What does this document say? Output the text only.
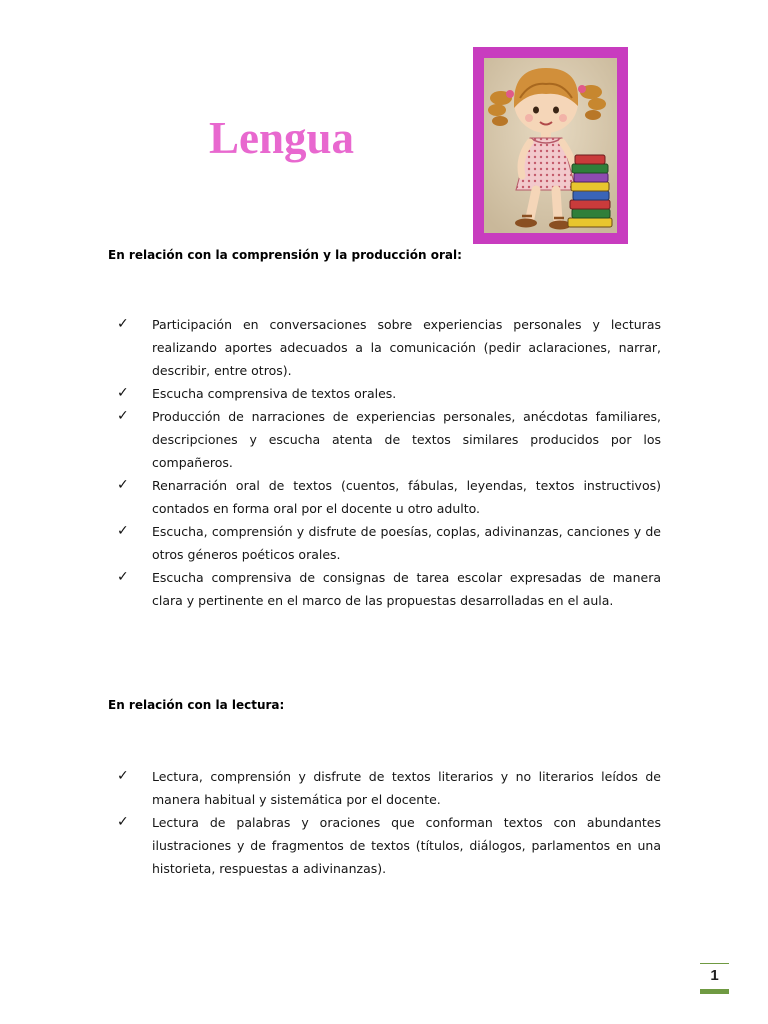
Lengua
En relación con la comprensión y la producción oral:
✓	Participación en conversaciones sobre experiencias personales y lecturas realizando aportes adecuados a la comunicación (pedir aclaraciones, narrar, describir, entre otros).
✓	Escucha comprensiva de textos orales.
✓	Producción de narraciones de experiencias personales, anécdotas familiares, descripciones y escucha atenta de textos similares producidos por los compañeros.
✓	Renarración oral de textos (cuentos, fábulas, leyendas, textos instructivos) contados en forma oral por el docente u otro adulto.
✓	Escucha, comprensión y disfrute de poesías, coplas, adivinanzas, canciones y de otros géneros poéticos orales.
✓	Escucha comprensiva de consignas de tarea escolar expresadas de manera clara y pertinente en el marco de las propuestas desarrolladas en el aula.
En relación con la lectura:
✓	Lectura, comprensión y disfrute de textos literarios y no literarios leídos de manera habitual y sistemática por el docente.
✓	Lectura de palabras y oraciones que conforman textos con abundantes ilustraciones y de fragmentos de textos (títulos, diálogos, parlamentos en una historieta, respuestas a adivinanzas).
1
